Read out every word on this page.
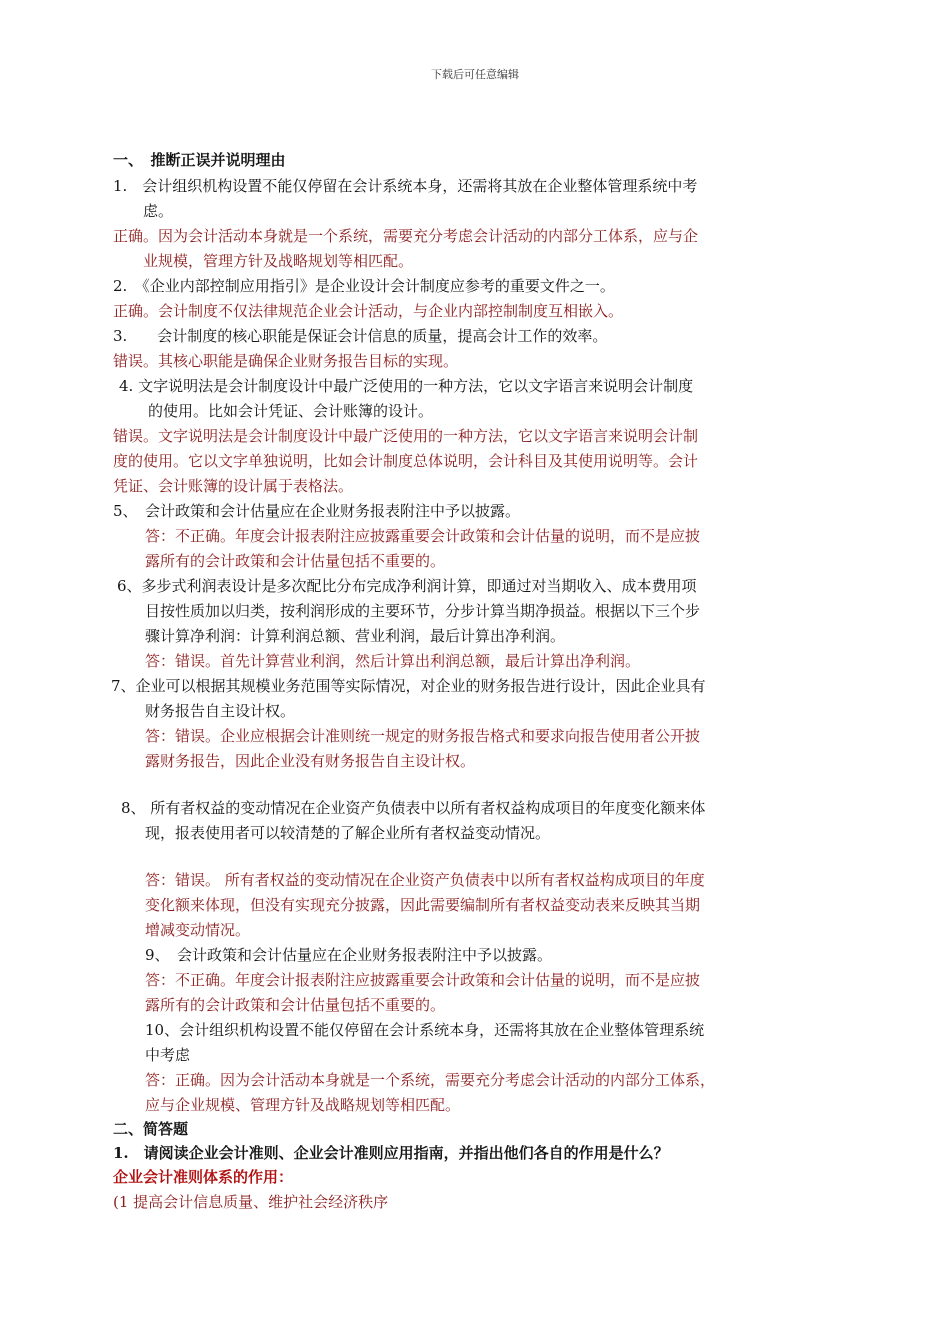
下载后可任意编辑
一、　推断正误并说明理由
1.　会计组织机构设置不能仅停留在会计系统本身，还需将其放在企业整体管理系统中考
虑。
正确。因为会计活动本身就是一个系统，需要充分考虑会计活动的内部分工体系，应与企
业规模，管理方针及战略规划等相匹配。
2.　《企业内部控制应用指引》是企业设计会计制度应参考的重要文件之一。
正确。会计制度不仅法律规范企业会计活动，与企业内部控制制度互相嵌入。
3.　　会计制度的核心职能是保证会计信息的质量，提高会计工作的效率。
错误。其核心职能是确保企业财务报告目标的实现。
4. 文字说明法是会计制度设计中最广泛使用的一种方法，它以文字语言来说明会计制度
的使用。比如会计凭证、会计账簿的设计。
错误。文字说明法是会计制度设计中最广泛使用的一种方法，它以文字语言来说明会计制
度的使用。它以文字单独说明，比如会计制度总体说明，会计科目及其使用说明等。会计
凭证、会计账簿的设计属于表格法。
5、　会计政策和会计估量应在企业财务报表附注中予以披露。
答：不正确。年度会计报表附注应披露重要会计政策和会计估量的说明，而不是应披
露所有的会计政策和会计估量包括不重要的。
6、多步式利润表设计是多次配比分布完成净利润计算，即通过对当期收入、成本费用项
目按性质加以归类，按利润形成的主要环节，分步计算当期净损益。根据以下三个步
骤计算净利润：计算利润总额、营业利润，最后计算出净利润。
答：错误。首先计算营业利润，然后计算出利润总额，最后计算出净利润。
7、企业可以根据其规模业务范围等实际情况，对企业的财务报告进行设计，因此企业具有
财务报告自主设计权。
答：错误。企业应根据会计准则统一规定的财务报告格式和要求向报告使用者公开披
露财务报告，因此企业没有财务报告自主设计权。
8、 所有者权益的变动情况在企业资产负债表中以所有者权益构成项目的年度变化额来体
现，报表使用者可以较清楚的了解企业所有者权益变动情况。
答：错误。 所有者权益的变动情况在企业资产负债表中以所有者权益构成项目的年度
变化额来体现，但没有实现充分披露，因此需要编制所有者权益变动表来反映其当期
增减变动情况。
9、　会计政策和会计估量应在企业财务报表附注中予以披露。
答：不正确。年度会计报表附注应披露重要会计政策和会计估量的说明，而不是应披
露所有的会计政策和会计估量包括不重要的。
10、会计组织机构设置不能仅停留在会计系统本身，还需将其放在企业整体管理系统
中考虑
答：正确。因为会计活动本身就是一个系统，需要充分考虑会计活动的内部分工体系，
应与企业规模、管理方针及战略规划等相匹配。
二、简答题
1.　请阅读企业会计准则、企业会计准则应用指南，并指出他们各自的作用是什么？
企业会计准则体系的作用：
(1 提高会计信息质量、维护社会经济秩序
